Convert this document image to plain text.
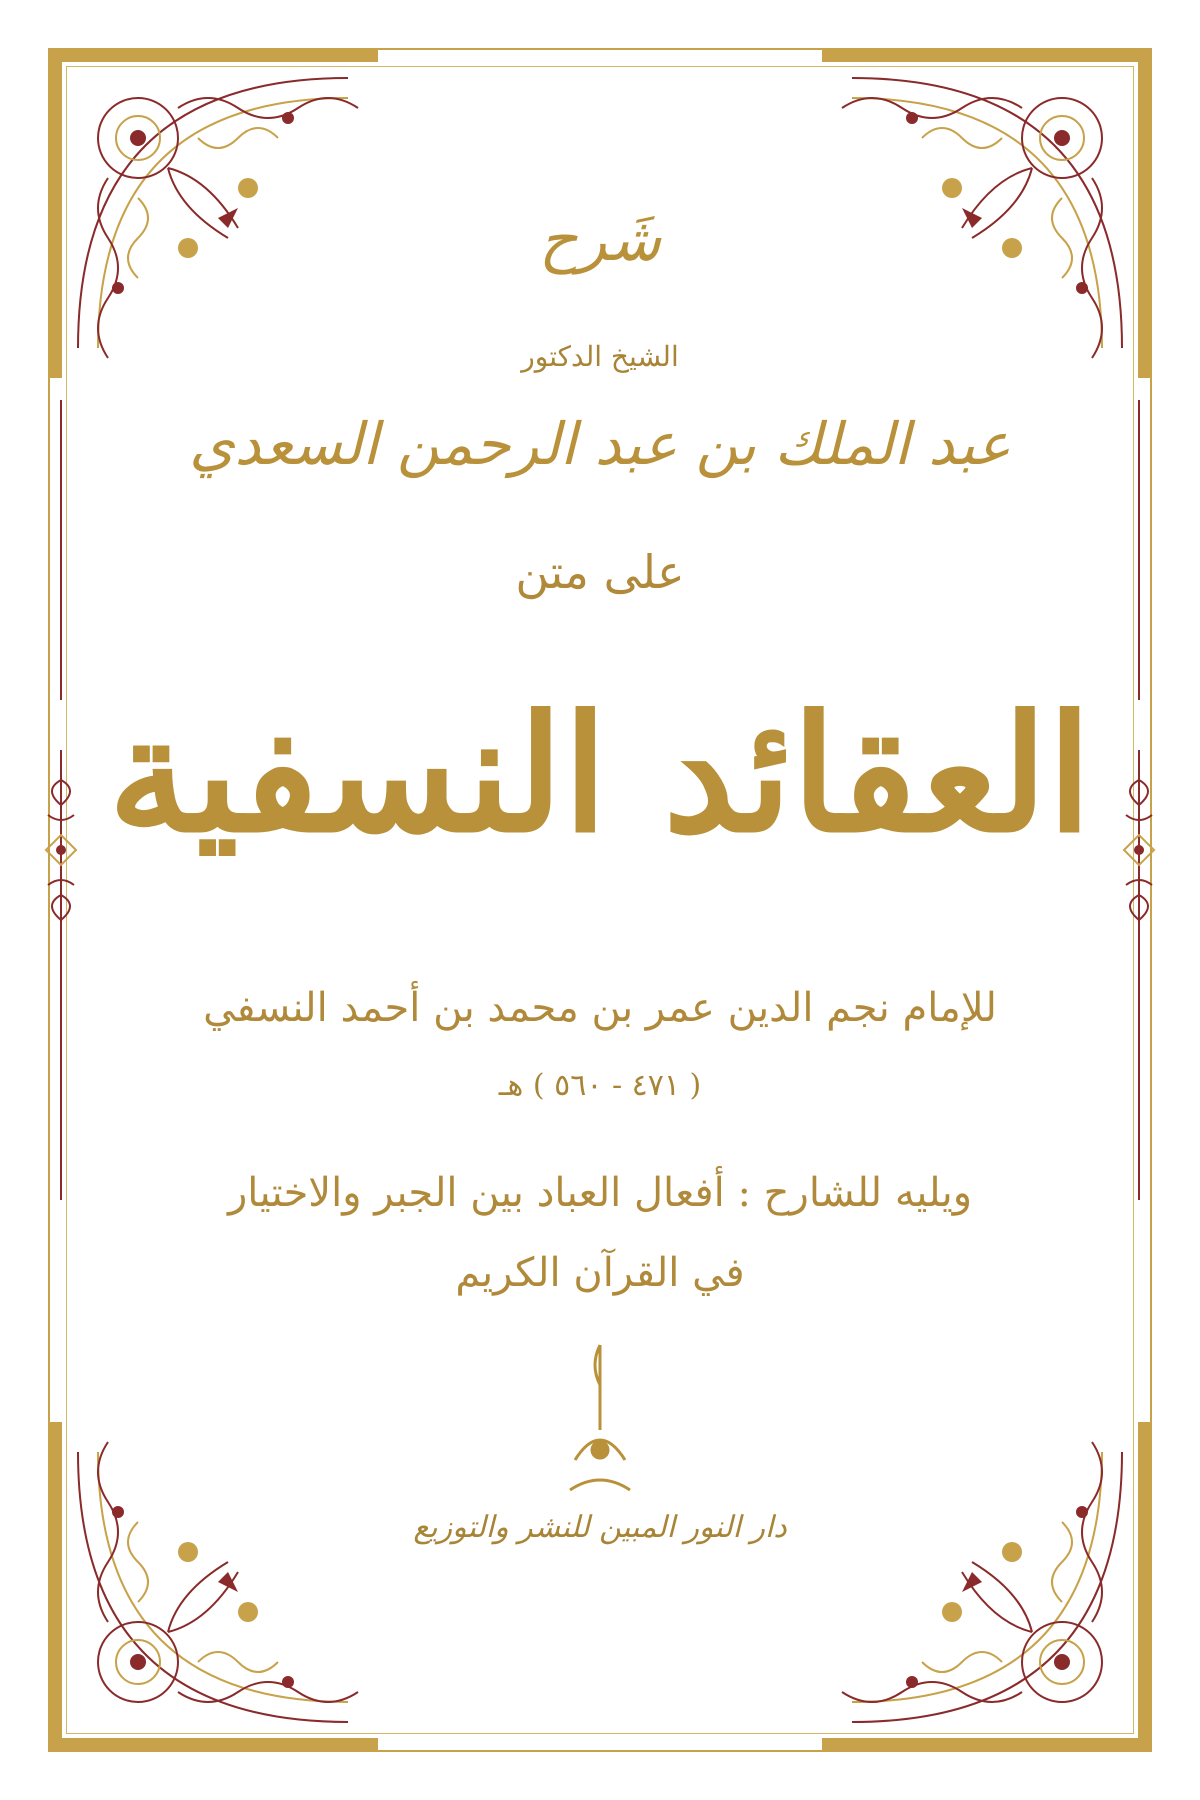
شَرح
الشيخ الدكتور
عبد الملك بن عبد الرحمن السعدي
على متن
العقائد النسفية
للإمام نجم الدين عمر بن محمد بن أحمد النسفي
( ٤٧١ - ٥٦٠ ) هـ
ويليه للشارح : أفعال العباد بين الجبر والاختيار
في القرآن الكريم
دار النور المبين للنشر والتوزيع
